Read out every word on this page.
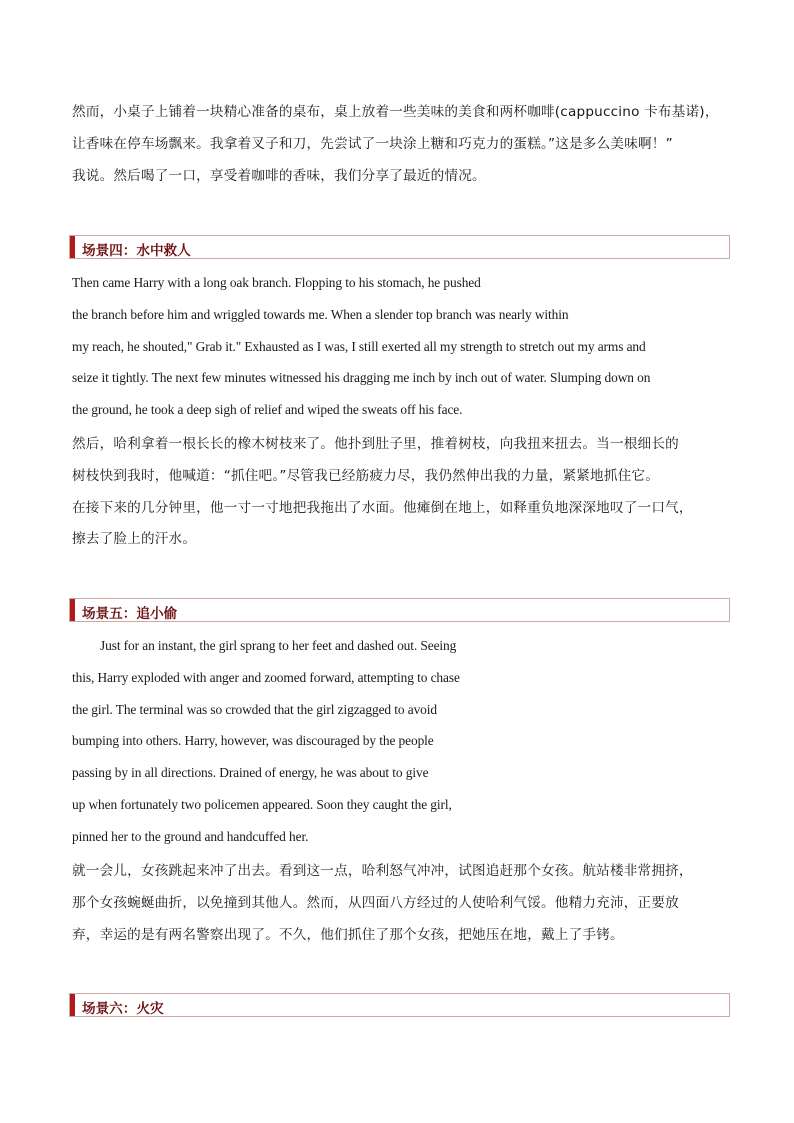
然而，小桌子上铺着一块精心准备的桌布，桌上放着一些美味的美食和两杯咖啡(cappuccino 卡布基诺)，
让香味在停车场飘来。我拿着叉子和刀，先尝试了一块涂上糖和巧克力的蛋糕。”这是多么美味啊！”
我说。然后喝了一口，享受着咖啡的香味，我们分享了最近的情况。
场景四：水中救人
Then came Harry with a long oak branch. Flopping to his stomach, he pushed
the branch before him and wriggled towards me. When a slender top branch was nearly within
my reach, he shouted," Grab it." Exhausted as I was, I still exerted all my strength to stretch out my arms and
seize it tightly. The next few minutes witnessed his dragging me inch by inch out of water. Slumping down on
the ground, he took a deep sigh of relief and wiped the sweats off his face.
然后，哈利拿着一根长长的橡木树枝来了。他扑到肚子里，推着树枝，向我扭来扭去。当一根细长的
树枝快到我时，他喊道：“抓住吧。”尽管我已经筋疲力尽，我仍然伸出我的力量，紧紧地抓住它。
在接下来的几分钟里，他一寸一寸地把我拖出了水面。他瘫倒在地上，如释重负地深深地叹了一口气，
擦去了脸上的汗水。
场景五：追小偷
Just for an instant, the girl sprang to her feet and dashed out. Seeing
this, Harry exploded with anger and zoomed forward, attempting to chase
the girl. The terminal was so crowded that the girl zigzagged to avoid
bumping into others. Harry, however, was discouraged by the people
passing by in all directions. Drained of energy, he was about to give
up when fortunately two policemen appeared. Soon they caught the girl,
pinned her to the ground and handcuffed her.
就一会儿，女孩跳起来冲了出去。看到这一点，哈利怒气冲冲，试图追赶那个女孩。航站楼非常拥挤，
那个女孩蜿蜒曲折，以免撞到其他人。然而，从四面八方经过的人使哈利气馁。他精力充沛，正要放
弃，幸运的是有两名警察出现了。不久，他们抓住了那个女孩，把她压在地，戴上了手铐。
场景六：火灾
